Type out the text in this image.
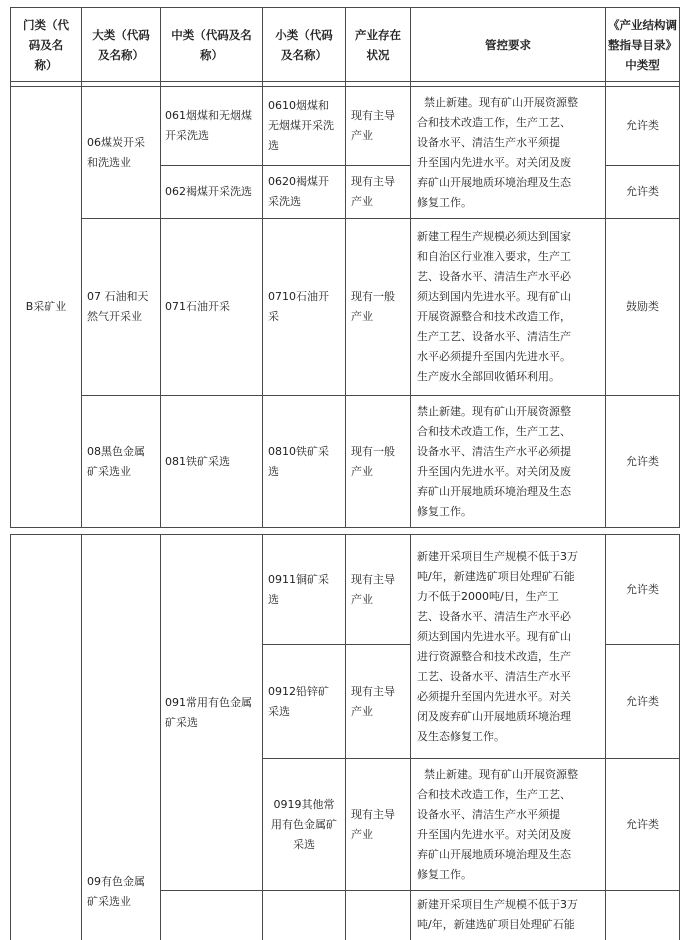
门类（代
码及名
称）
大类（代码
及名称）
中类（代码及名
称）
小类（代码
及名称）
产业存在
状况
管控要求
《产业结构调
整指导目录》
中类型
B采矿业
06煤炭开采
和洗选业
061烟煤和无烟煤
开采洗选
0610烟煤和
无烟煤开采洗
选
现有主导
产业
禁止新建。现有矿山开展资源整
合和技术改造工作，生产工艺、
设备水平、清洁生产水平须提
升至国内先进水平。对关闭及废
弃矿山开展地质环境治理及生态
修复工作。
允许类
062褐煤开采洗选
0620褐煤开
采洗选
现有主导
产业
允许类
07 石油和天
然气开采业
071石油开采
0710石油开
采
现有一般
产业
新建工程生产规模必须达到国家
和自治区行业准入要求，生产工
艺、设备水平、清洁生产水平必
须达到国内先进水平。现有矿山
开展资源整合和技术改造工作，
生产工艺、设备水平、清洁生产
水平必须提升至国内先进水平。
生产废水全部回收循环利用。
鼓励类
08黑色金属
矿采选业
081铁矿采选
0810铁矿采
选
现有一般
产业
禁止新建。现有矿山开展资源整
合和技术改造工作，生产工艺、
设备水平、清洁生产水平必须提
升至国内先进水平。对关闭及废
弃矿山开展地质环境治理及生态
修复工作。
允许类
09有色金属
矿采选业
091常用有色金属
矿采选
0911铜矿采
选
现有主导
产业
新建开采项目生产规模不低于3万
吨/年，新建选矿项目处理矿石能
力不低于2000吨/日，生产工
艺、设备水平、清洁生产水平必
须达到国内先进水平。现有矿山
进行资源整合和技术改造，生产
工艺、设备水平、清洁生产水平
必须提升至国内先进水平。对关
闭及废弃矿山开展地质环境治理
及生态修复工作。
允许类
0912铅锌矿
采选
现有主导
产业
允许类
0919其他常
用有色金属矿
采选
现有主导
产业
禁止新建。现有矿山开展资源整
合和技术改造工作，生产工艺、
设备水平、清洁生产水平须提
升至国内先进水平。对关闭及废
弃矿山开展地质环境治理及生态
修复工作。
允许类
新建开采项目生产规模不低于3万
吨/年，新建选矿项目处理矿石能
